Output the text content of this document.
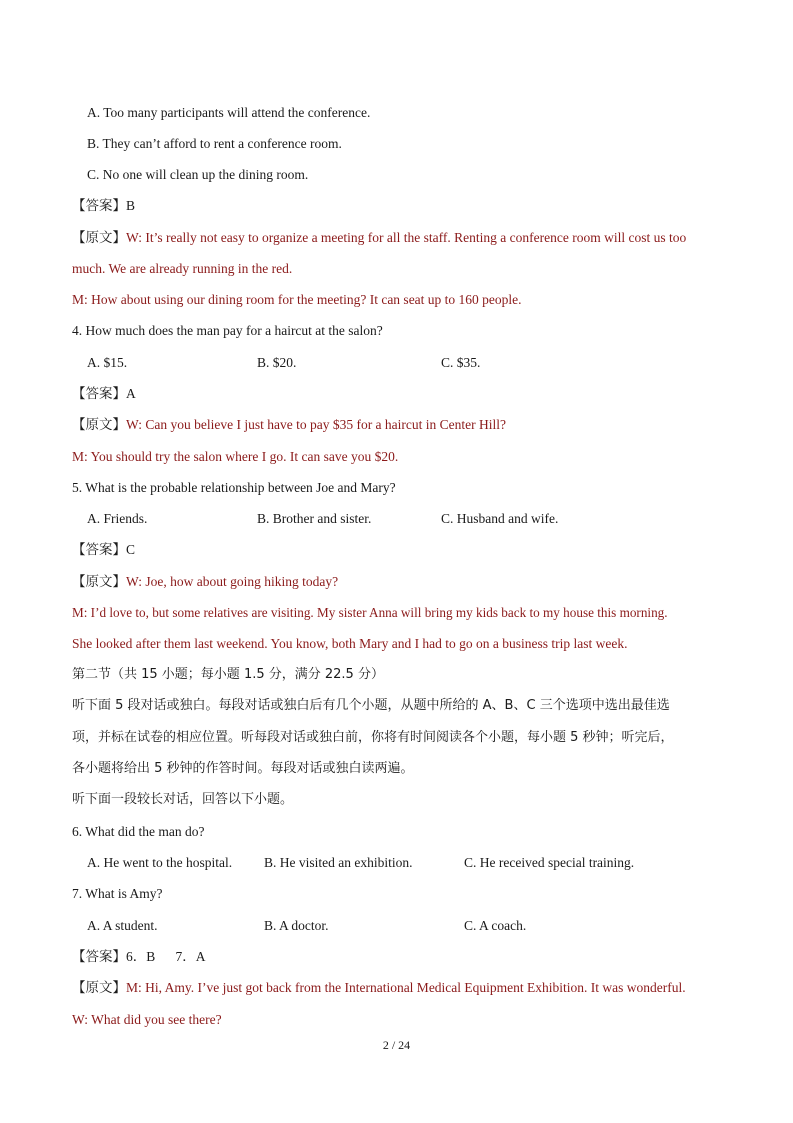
A. Too many participants will attend the conference.
B. They can’t afford to rent a conference room.
C. No one will clean up the dining room.
【答案】B
【原文】W: It’s really not easy to organize a meeting for all the staff. Renting a conference room will cost us too
much. We are already running in the red.
M: How about using our dining room for the meeting? It can seat up to 160 people.
4. How much does the man pay for a haircut at the salon?
A. $15.	B. $20.	C. $35.
【答案】A
【原文】W: Can you believe I just have to pay $35 for a haircut in Center Hill?
M: You should try the salon where I go. It can save you $20.
5. What is the probable relationship between Joe and Mary?
A. Friends.	B. Brother and sister.	C. Husband and wife.
【答案】C
【原文】W: Joe, how about going hiking today?
M: I’d love to, but some relatives are visiting. My sister Anna will bring my kids back to my house this morning.
She looked after them last weekend. You know, both Mary and I had to go on a business trip last week.
第二节（共 15 小题；每小题 1.5 分，满分 22.5 分）
听下面 5 段对话或独白。每段对话或独白后有几个小题，从题中所给的 A、B、C 三个选项中选出最佳选
项，并标在试卷的相应位置。听每段对话或独白前，你将有时间阅读各个小题，每小题 5 秒钟；听完后，
各小题将给出 5 秒钟的作答时间。每段对话或独白读两遍。
听下面一段较长对话，回答以下小题。
6. What did the man do?
A. He went to the hospital. B. He visited an exhibition.	C. He received special training.
7. What is Amy?
A. A student.	B. A doctor.	C. A coach.
【答案】6．B      7．A
【原文】M: Hi, Amy. I’ve just got back from the International Medical Equipment Exhibition. It was wonderful.
W: What did you see there?
2 / 24
